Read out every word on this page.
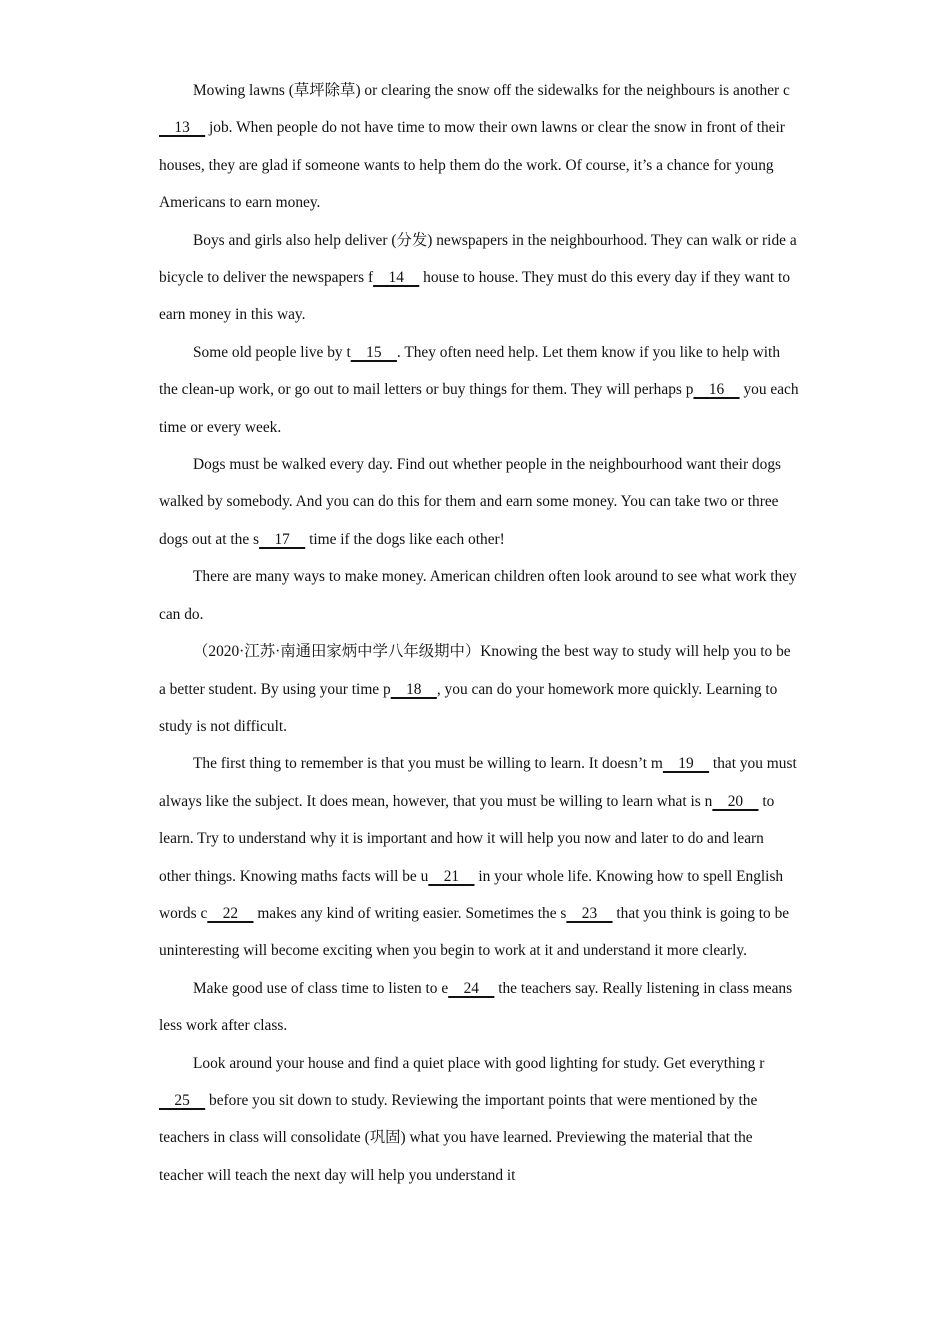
Mowing lawns (草坪除草) or clearing the snow off the sidewalks for the neighbours is another c    13     job. When people do not have time to mow their own lawns or clear the snow in front of their houses, they are glad if someone wants to help them do the work. Of course, it’s a chance for young Americans to earn money.

Boys and girls also help deliver (分发) newspapers in the neighbourhood. They can walk or ride a bicycle to deliver the newspapers f    14     house to house. They must do this every day if they want to earn money in this way.

Some old people live by t    15    . They often need help. Let them know if you like to help with the clean-up work, or go out to mail letters or buy things for them. They will perhaps p    16     you each time or every week.

Dogs must be walked every day. Find out whether people in the neighbourhood want their dogs walked by somebody. And you can do this for them and earn some money. You can take two or three dogs out at the s    17     time if the dogs like each other!

There are many ways to make money. American children often look around to see what work they can do.

（2020·江苏·南通田家炳中学八年级期中）Knowing the best way to study will help you to be a better student. By using your time p    18    , you can do your homework more quickly. Learning to study is not difficult.

The first thing to remember is that you must be willing to learn. It doesn’t m    19     that you must always like the subject. It does mean, however, that you must be willing to learn what is n    20     to learn. Try to understand why it is important and how it will help you now and later to do and learn other things. Knowing maths facts will be u    21     in your whole life. Knowing how to spell English words c    22     makes any kind of writing easier. Sometimes the s    23     that you think is going to be uninteresting will become exciting when you begin to work at it and understand it more clearly.

Make good use of class time to listen to e    24     the teachers say. Really listening in class means less work after class.

Look around your house and find a quiet place with good lighting for study. Get everything r    25     before you sit down to study. Reviewing the important points that were mentioned by the teachers in class will consolidate (巩固) what you have learned. Previewing the material that the teacher will teach the next day will help you understand it
